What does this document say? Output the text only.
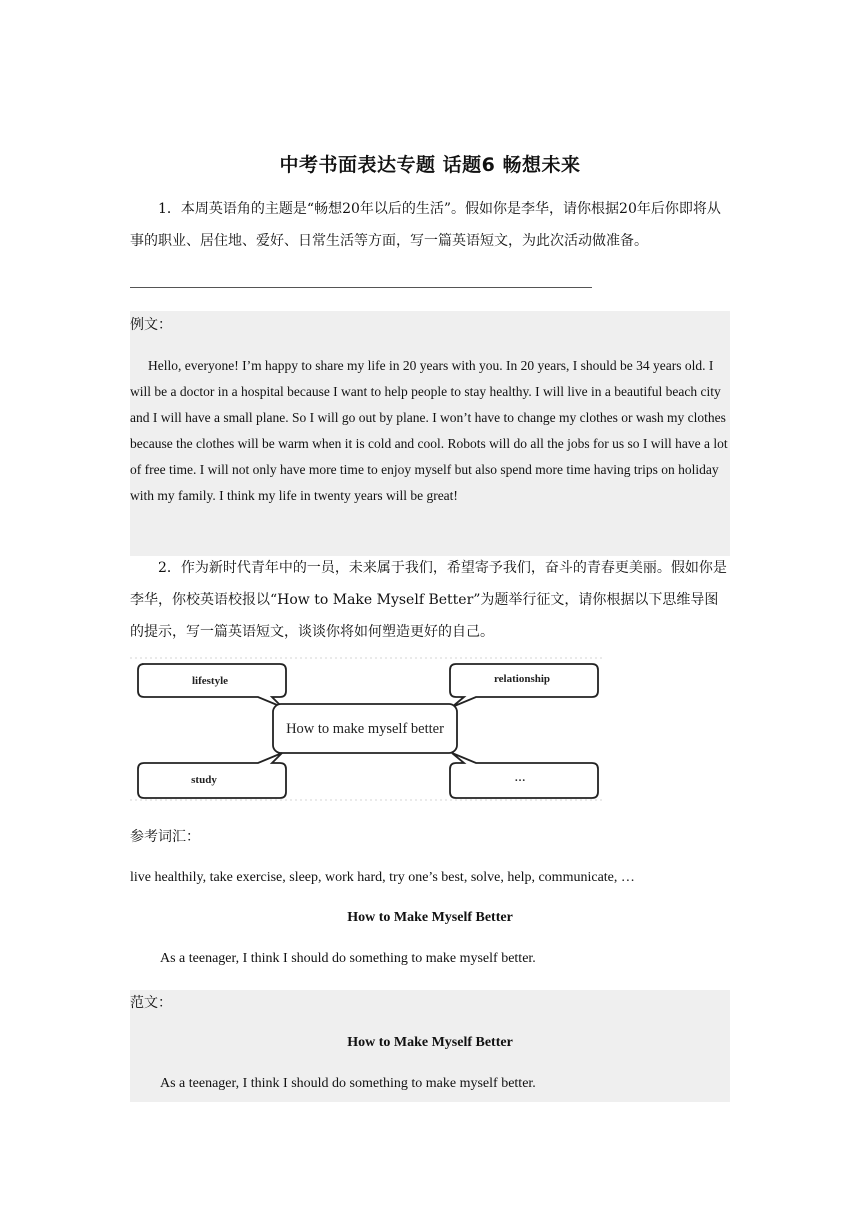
中考书面表达专题 话题6 畅想未来
1．本周英语角的主题是“畅想20年以后的生活”。假如你是李华，请你根据20年后你即将从事的职业、居住地、爱好、日常生活等方面，写一篇英语短文，为此次活动做准备。
例文：
Hello, everyone! I’m happy to share my life in 20 years with you. In 20 years, I should be 34 years old. I will be a doctor in a hospital because I want to help people to stay healthy. I will live in a beautiful beach city and I will have a small plane. So I will go out by plane. I won’t have to change my clothes or wash my clothes because the clothes will be warm when it is cold and cool. Robots will do all the jobs for us so I will have a lot of free time. I will not only have more time to enjoy myself but also spend more time having trips on holiday with my family. I think my life in twenty years will be great!
2．作为新时代青年中的一员，未来属于我们，希望寄予我们，奋斗的青春更美丽。假如你是李华，你校英语校报以“How to Make Myself Better”为题举行征文，请你根据以下思维导图的提示，写一篇英语短文，谈谈你将如何塑造更好的自己。
lifestyle	relationship
How to make myself better
study	…
参考词汇：
live healthily, take exercise, sleep, work hard, try one’s best, solve, help, communicate, …
How to Make Myself Better
As a teenager, I think I should do something to make myself better.
范文：
How to Make Myself Better
As a teenager, I think I should do something to make myself better.
